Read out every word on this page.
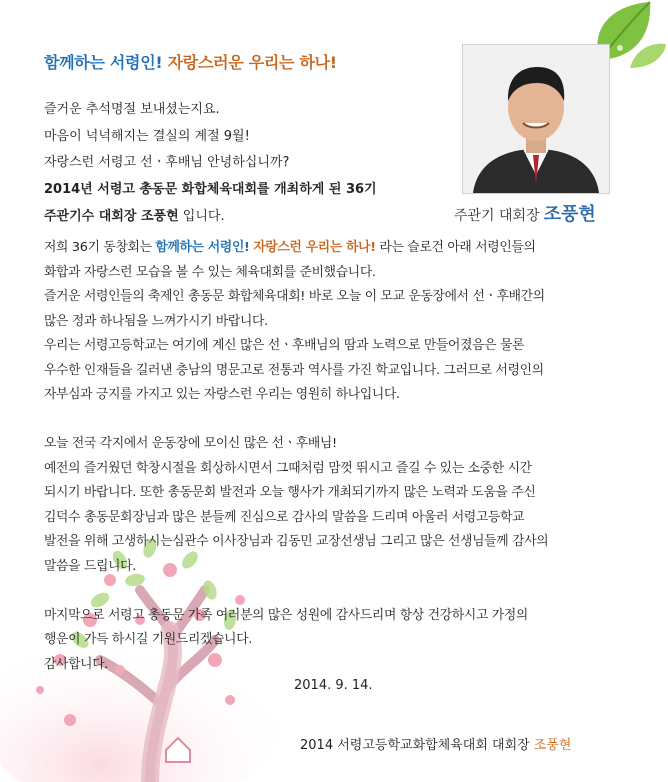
함께하는 서령인! 자랑스러운 우리는 하나!
주관기 대회장 조풍현
즐거운 추석명절 보내셨는지요.
마음이 넉넉해지는 결실의 계절 9월!
자랑스런 서령고 선ㆍ후배님 안녕하십니까?
2014년 서령고 총동문 화합체육대회를 개최하게 된 36기
주관기수 대회장 조풍현 입니다.
저희 36기 동창회는 함께하는 서령인! 자랑스런 우리는 하나! 라는 슬로건 아래 서령인들의
화합과 자랑스런 모습을 볼 수 있는 체육대회를 준비했습니다.
즐거운 서령인들의 축제인 총동문 화합체육대회! 바로 오늘 이 모교 운동장에서 선ㆍ후배간의
많은 정과 하나됨을 느껴가시기 바랍니다.
우리는 서령고등학교는 여기에 계신 많은 선ㆍ후배님의 땀과 노력으로 만들어졌음은 물론
우수한 인재들을 길러낸 충남의 명문고로 전통과 역사를 가진 학교입니다. 그러므로 서령인의
자부심과 긍지를 가지고 있는 자랑스런 우리는 영원히 하나입니다.
오늘 전국 각지에서 운동장에 모이신 많은 선ㆍ후배님!
예전의 즐거웠던 학창시절을 회상하시면서 그때처럼 맘껏 뛰시고 즐길 수 있는 소중한 시간
되시기 바랍니다. 또한 총동문회 발전과 오늘 행사가 개최되기까지 많은 노력과 도움을 주신
김덕수 총동문회장님과 많은 분들께 진심으로 감사의 말씀을 드리며 아울러 서령고등학교
발전을 위해 고생하시는심관수 이사장님과 김동민 교장선생님 그리고 많은 선생님들께 감사의
말씀을 드립니다.
마지막으로 서령고 총동문 가족 여러분의 많은 성원에 감사드리며 항상 건강하시고 가정의
행운이 가득 하시길 기원드리겠습니다.
감사합니다.
2014. 9. 14.
2014 서령고등학교화합체육대회 대회장 조풍현
